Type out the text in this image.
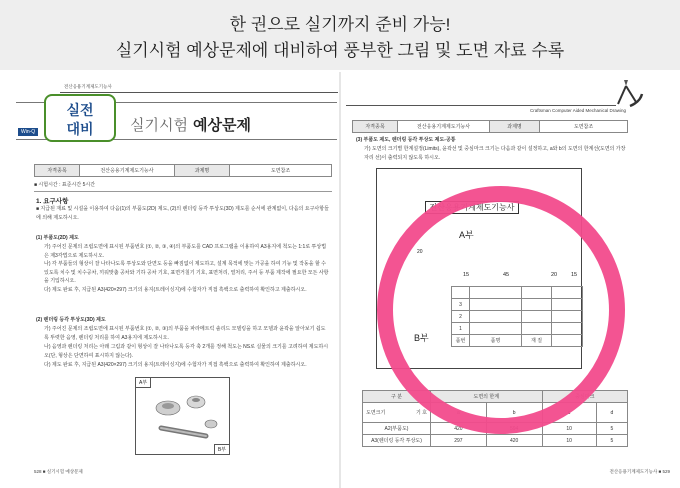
한 권으로 실기까지 준비 가능!
실기시험 예상문제에 대비하여 풍부한 그림 및 도면 자료 수록
전산응용기계제도기능사
실전
대비
Win-Q	실기시험 예상문제
자격종목	전산응용기계제도기능사	과제명	도면참조
■ 시험시간 : 표준시간 5시간
1. 요구사항
■ 지급된 재료 및 시설을 이용하여 다음(1)의 부품도(2D) 제도, (2)의 렌더링 등각 투상도(3D) 제도를 순서에 관계없이, 다음의 요구사항들에 의해 제도하시오.
(1) 부품도(2D) 제도
가) 주어진 문제의 조립도면에 표시된 부품번호 (①, ②, ③, ④)의 부품도를 CAD 프로그램을 이용하여 A3용지에 척도는 1:1로 투상법은 제3각법으로 제도하시오.
나) 각 부품들의 형상이 잘 나타나도록 투상도와 단면도 등을 빠짐없이 제도하고, 설계 목적에 맞는 가공을 하여 기능 및 작동을 할 수 있도록 치수 및 치수공차, 끼워맞춤 공차와 기하 공차 기호, 표면거칠기 기호, 표면처리, 열처리, 주서 등 부품 제작에 필요한 모든 사항을 기입하시오.
다) 제도 완료 후, 지급된 A3(420×297) 크기의 용지(트레이싱지)에 수험자가 직접 흑백으로 출력하여 확인하고 제출하시오.
(2) 렌더링 등각 투상도(3D) 제도
가) 주어진 문제의 조립도면에 표시된 부품번호 (①, ②, ③)의 부품을 파라메트릭 솔리드 모델링을 하고 모델과 윤곽을 알아보기 쉽도록 뚜렷한 음영, 렌더링 처리를 하여 A3용지에 제도하시오.
나) 음영과 렌더링 처리는 아래 그림과 같이 형상이 잘 나타나도록 등각 축 2개를 정해 척도는 NS로 실물의 크기를 고려하여 제도하시오(단, 형상은 단면하여 표시하지 않는다).
다) 제도 완료 후, 지급된 A3(420×297) 크기의 용지(트레이싱지)에 수험자가 직접 흑백으로 출력하여 확인하여 제출하시오.
A부
B부
528 ■ 실기시험 예상문제
Craftsman Computer Aided Mechanical Drawing
자격종목	전산응용기계제도기능사	과제명	도면참조
(3) 부품도 제도, 렌더링 등각 투상도 제도-공통
가) 도면의 크기별 한계설정(Limits), 윤곽선 및 중심마크 크기는 다음과 같이 설정하고, a와 b의 도면의 한계선(도면의 가장자리 선)이 출력되지 않도록 하시오.
전산응용기계제도기능사
A부
20
B부
15	45	20	15

3			
2			
1			
품번	품명	재 질	
구 분	도면의 한계		중심마크	
도면크기 기 호	a	b	c	d
A2(부품도)	420	594	10	5
A3(렌더링 등각 투상도)	297	420	10	5
전산응용기계제도기능사 ■ 529
